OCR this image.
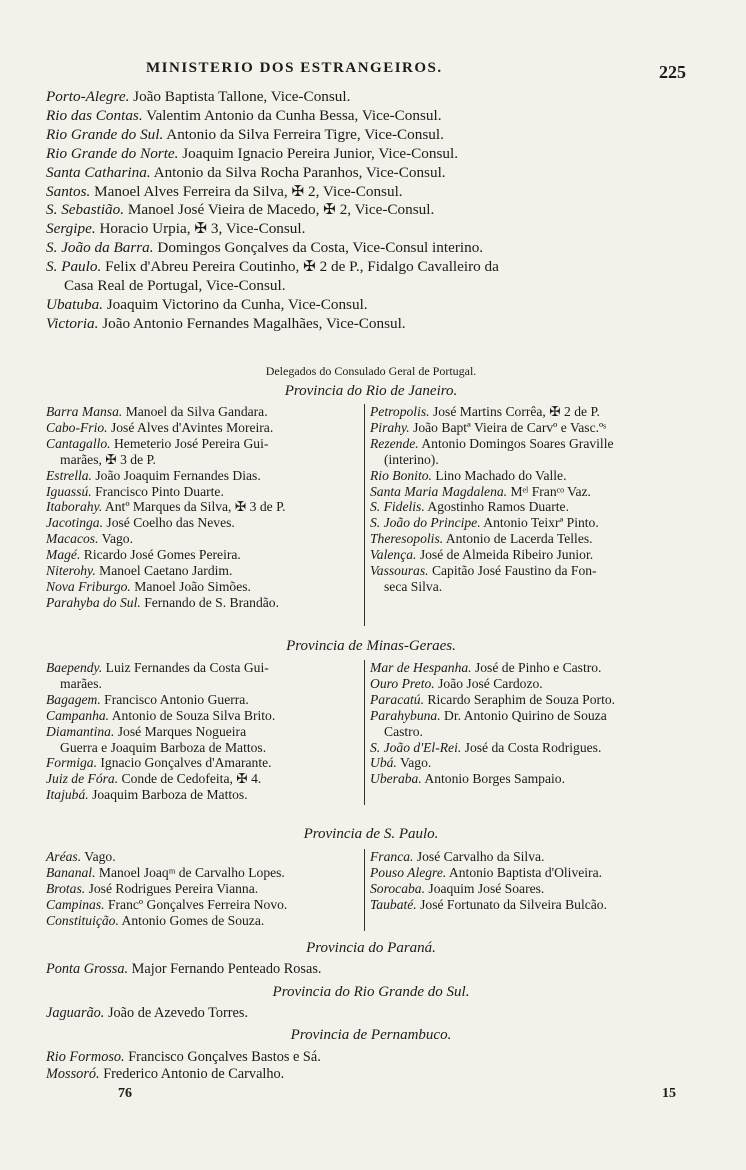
MINISTERIO DOS ESTRANGEIROS.	225

Porto-Alegre. João Baptista Tallone, Vice-Consul.

Rio das Contas. Valentim Antonio da Cunha Bessa, Vice-Consul.

Rio Grande do Sul. Antonio da Silva Ferreira Tigre, Vice-Consul.

Rio Grande do Norte. Joaquim Ignacio Pereira Junior, Vice-Consul.

Santa Catharina. Antonio da Silva Rocha Paranhos, Vice-Consul.

Santos. Manoel Alves Ferreira da Silva, ✠ 2, Vice-Consul.

S. Sebastião. Manoel José Vieira de Macedo, ✠ 2, Vice-Consul.

Sergipe. Horacio Urpia, ✠ 3, Vice-Consul.

S. João da Barra. Domingos Gonçalves da Costa, Vice-Consul interino.

S. Paulo. Felix d'Abreu Pereira Coutinho, ✠ 2 de P., Fidalgo Cavalleiro da

Casa Real de Portugal, Vice-Consul.

Ubatuba. Joaquim Victorino da Cunha, Vice-Consul.

Victoria. João Antonio Fernandes Magalhães, Vice-Consul.

Delegados do Consulado Geral de Portugal.
Provincia do Rio de Janeiro.
Barra Mansa. Manoel da Silva Gandara.
Cabo-Frio. José Alves d'Avintes Moreira.
Cantagallo. Hemeterio José Pereira Gui-
marães, ✠ 3 de P.
Estrella. João Joaquim Fernandes Dias.
Iguassú. Francisco Pinto Duarte.
Itaborahy. Antº Marques da Silva, ✠ 3 de P.
Jacotinga. José Coelho das Neves.
Macacos. Vago.
Magé. Ricardo José Gomes Pereira.
Niterohy. Manoel Caetano Jardim.
Nova Friburgo. Manoel João Simões.
Parahyba do Sul. Fernando de S. Brandão.
Petropolis. José Martins Corrêa, ✠ 2 de P.
Pirahy. João Baptª Vieira de Carvº e Vasc.ºˢ
Rezende. Antonio Domingos Soares Graville
(interino).
Rio Bonito. Lino Machado do Valle.
Santa Maria Magdalena. Mᵉˡ Franᶜᵒ Vaz.
S. Fidelis. Agostinho Ramos Duarte.
S. João do Principe. Antonio Teixrª Pinto.
Theresopolis. Antonio de Lacerda Telles.
Valença. José de Almeida Ribeiro Junior.
Vassouras. Capitão José Faustino da Fon-
seca Silva.
Provincia de Minas-Geraes.
Baependy. Luiz Fernandes da Costa Gui-
marães.
Bagagem. Francisco Antonio Guerra.
Campanha. Antonio de Souza Silva Brito.
Diamantina. José Marques Nogueira
Guerra e Joaquim Barboza de Mattos.
Formiga. Ignacio Gonçalves d'Amarante.
Juiz de Fóra. Conde de Cedofeita, ✠ 4.
Itajubá. Joaquim Barboza de Mattos.
Mar de Hespanha. José de Pinho e Castro.
Ouro Preto. João José Cardozo.
Paracatú. Ricardo Seraphim de Souza Porto.
Parahybuna. Dr. Antonio Quirino de Souza
Castro.
S. João d'El-Rei. José da Costa Rodrigues.
Ubá. Vago.
Uberaba. Antonio Borges Sampaio.
Provincia de S. Paulo.
Aréas. Vago.
Bananal. Manoel Joaqᵐ de Carvalho Lopes.
Brotas. José Rodrigues Pereira Vianna.
Campinas. Francº Gonçalves Ferreira Novo.
Constituição. Antonio Gomes de Souza.
Franca. José Carvalho da Silva.
Pouso Alegre. Antonio Baptista d'Oliveira.
Sorocaba. Joaquim José Soares.
Taubaté. José Fortunato da Silveira Bulcão.
Provincia do Paraná.
Ponta Grossa. Major Fernando Penteado Rosas.
Provincia do Rio Grande do Sul.
Jaguarão. João de Azevedo Torres.
Provincia de Pernambuco.
Rio Formoso. Francisco Gonçalves Bastos e Sá.
Mossoró. Frederico Antonio de Carvalho.
76	15
